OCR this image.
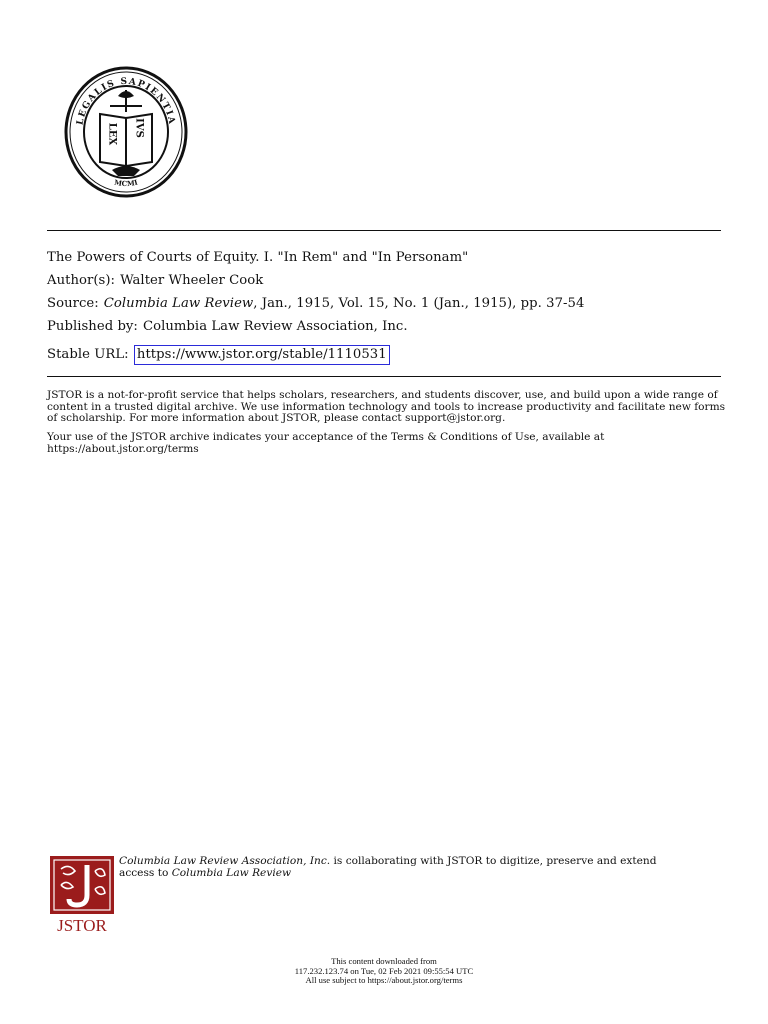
LEGALIS SAPIENTIA
MCMI
LEX IVS
The Powers of Courts of Equity. I. "In Rem" and "In Personam"
Author(s): Walter Wheeler Cook
Source: Columbia Law Review, Jan., 1915, Vol. 15, No. 1 (Jan., 1915), pp. 37-54
Published by: Columbia Law Review Association, Inc.
Stable URL: https://www.jstor.org/stable/1110531
JSTOR is a not-for-profit service that helps scholars, researchers, and students discover, use, and build upon a wide range of content in a trusted digital archive. We use information technology and tools to increase productivity and facilitate new forms of scholarship. For more information about JSTOR, please contact support@jstor.org.
Your use of the JSTOR archive indicates your acceptance of the Terms & Conditions of Use, available at https://about.jstor.org/terms
JSTOR
Columbia Law Review Association, Inc. is collaborating with JSTOR to digitize, preserve and extend access to Columbia Law Review
This content downloaded from
117.232.123.74 on Tue, 02 Feb 2021 09:55:54 UTC
All use subject to https://about.jstor.org/terms
